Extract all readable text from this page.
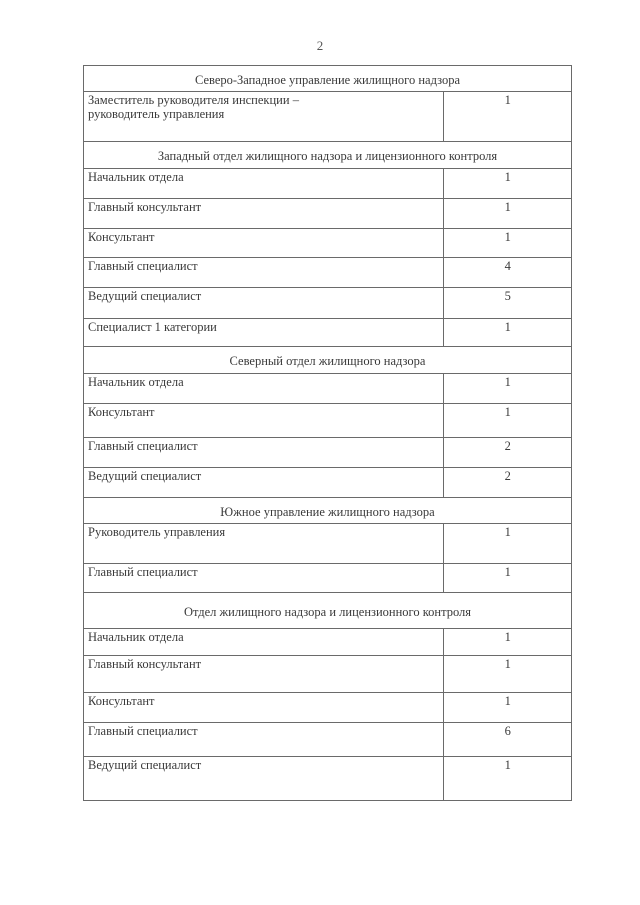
2
Северо-Западное управление жилищного надзора	
Заместитель руководителя инспекции –
руководитель управления	1
Западный отдел жилищного надзора и лицензионного контроля	
Начальник отдела	1
Главный консультант	1
Консультант	1
Главный специалист	4
Ведущий специалист	5
Специалист 1 категории	1
Северный отдел жилищного надзора	
Начальник отдела	1
Консультант	1
Главный специалист	2
Ведущий специалист	2
Южное управление жилищного надзора	
Руководитель управления	1
Главный специалист	1
Отдел жилищного надзора и лицензионного контроля	
Начальник отдела	1
Главный консультант	1
Консультант	1
Главный специалист	6
Ведущий специалист	1
